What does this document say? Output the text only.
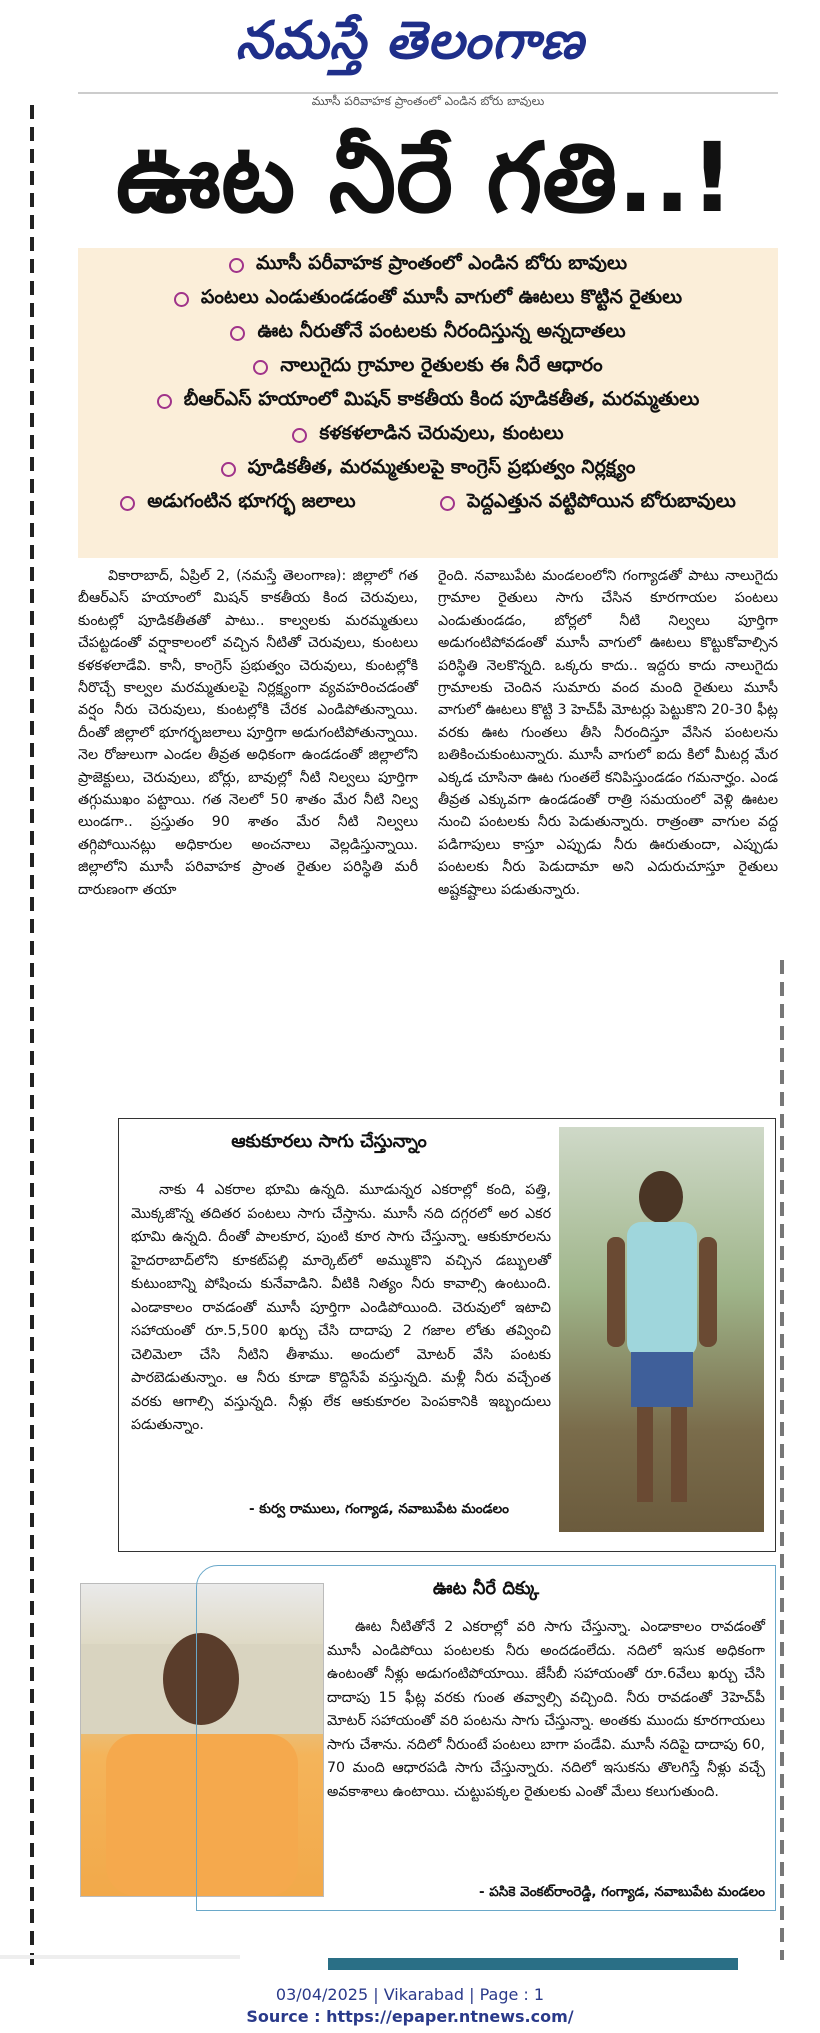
నమస్తే తెలంగాణ
మూసీ పరివాహక ప్రాంతంలో ఎండిన బోరు బావులు
ఊట నీరే గతి..!
మూసీ పరీవాహక ప్రాంతంలో ఎండిన బోరు బావులు
పంటలు ఎండుతుండడంతో మూసీ వాగులో ఊటలు కొట్టిన రైతులు
ఊట నీరుతోనే పంటలకు నీరందిస్తున్న అన్నదాతలు
నాలుగైదు గ్రామాల రైతులకు ఈ నీరే ఆధారం
బీఆర్ఎస్ హయాంలో మిషన్ కాకతీయ కింద పూడికతీత, మరమ్మతులు
కళకళలాడిన చెరువులు, కుంటలు
పూడికతీత, మరమ్మతులపై కాంగ్రెస్ ప్రభుత్వం నిర్లక్ష్యం
అడుగంటిన భూగర్భ జలాలు	పెద్దఎత్తున వట్టిపోయిన బోరుబావులు
వికారాబాద్, ఏప్రిల్ 2, (నమస్తే తెలంగాణ): జిల్లాలో గత బీఆర్ఎస్ హయాంలో మిషన్ కాకతీయ కింద చెరువులు, కుంటల్లో పూడికతీతతో పాటు.. కాల్వలకు మరమ్మతులు చేపట్టడంతో వర్షాకాలంలో వచ్చిన నీటితో చెరువులు, కుంటలు కళకళలాడేవి. కానీ, కాంగ్రెస్ ప్రభుత్వం చెరువులు, కుంటల్లోకి నీరొచ్చే కాల్వల మరమ్మతులపై నిర్లక్ష్యంగా వ్యవహరించడంతో వర్షం నీరు చెరువులు, కుంటల్లోకి చేరక ఎండిపోతున్నాయి. దీంతో జిల్లాలో భూగర్భజలాలు పూర్తిగా అడుగంటిపోతున్నాయి. నెల రోజులుగా ఎండల తీవ్రత అధికంగా ఉండడంతో జిల్లాలోని ప్రాజెక్టులు, చెరువులు, బోర్లు, బావుల్లో నీటి నిల్వలు పూర్తిగా తగ్గుముఖం పట్టాయి. గత నెలలో 50 శాతం మేర నీటి నిల్వ లుండగా.. ప్రస్తుతం 90 శాతం మేర నీటి నిల్వలు తగ్గిపోయినట్లు అధికారుల అంచనాలు వెల్లడిస్తున్నాయి. జిల్లాలోని మూసీ పరివాహక ప్రాంత రైతుల పరిస్థితి మరీ దారుణంగా తయా
రైంది. నవాబుపేట మండలంలోని గంగ్యాడతో పాటు నాలుగైదు గ్రామాల రైతులు సాగు చేసిన కూరగాయల పంటలు ఎండుతుండడం, బోర్లలో నీటి నిల్వలు పూర్తిగా అడుగంటిపోవడంతో మూసీ వాగులో ఊటలు కొట్టుకోవాల్సిన పరిస్థితి నెలకొన్నది. ఒక్కరు కాదు.. ఇద్దరు కాదు నాలుగైదు గ్రామాలకు చెందిన సుమారు వంద మంది రైతులు మూసీ వాగులో ఊటలు కొట్టి 3 హెచ్‌పీ మోటర్లు పెట్టుకొని 20-30 ఫీట్ల వరకు ఊట గుంతలు తీసి నీరందిస్తూ వేసిన పంటలను బతికించుకుంటున్నారు. మూసీ వాగులో ఐదు కిలో మీటర్ల మేర ఎక్కడ చూసినా ఊట గుంతలే కనిపిస్తుండడం గమనార్హం. ఎండ తీవ్రత ఎక్కువగా ఉండడంతో రాత్రి సమయంలో వెళ్లి ఊటల నుంచి పంటలకు నీరు పెడుతున్నారు. రాత్రంతా వాగుల వద్ద పడిగాపులు కాస్తూ ఎప్పుడు నీరు ఊరుతుందా, ఎప్పుడు పంటలకు నీరు పెడుదామా అని ఎదురుచూస్తూ రైతులు అష్టకష్టాలు పడుతున్నారు.
ఆకుకూరలు సాగు చేస్తున్నాం
నాకు 4 ఎకరాల భూమి ఉన్నది. మూడున్నర ఎకరాల్లో కంది, పత్తి, మొక్కజొన్న తదితర పంటలు సాగు చేస్తాను. మూసీ నది దగ్గరలో అర ఎకర భూమి ఉన్నది. దీంతో పాలకూర, పుంటి కూర సాగు చేస్తున్నా. ఆకుకూరలను హైదరాబాద్‌లోని కూకట్‌పల్లి మార్కెట్‌లో అమ్ముకొని వచ్చిన డబ్బులతో కుటుంబాన్ని పోషించు కునేవాడిని. వీటికి నిత్యం నీరు కావాల్సి ఉంటుంది. ఎండాకాలం రావడంతో మూసీ పూర్తిగా ఎండిపోయింది. చెరువులో ఇటాచి సహాయంతో రూ.5,500 ఖర్చు చేసి దాదాపు 2 గజాల లోతు తవ్వించి చెలిమెలా చేసి నీటిని తీశాము. అందులో మోటర్ వేసి పంటకు పారబెడుతున్నాం. ఆ నీరు కూడా కొద్దిసేపే వస్తున్నది. మళ్లీ నీరు వచ్చేంత వరకు ఆగాల్సి వస్తున్నది. నీళ్లు లేక ఆకుకూరల పెంపకానికి ఇబ్బందులు పడుతున్నాం.
- కుర్వ రాములు, గంగ్యాడ, నవాబుపేట మండలం
ఊట నీరే దిక్కు
ఊట నీటితోనే 2 ఎకరాల్లో వరి సాగు చేస్తున్నా. ఎండాకాలం రావడంతో మూసీ ఎండిపోయి పంటలకు నీరు అందడంలేదు. నదిలో ఇసుక అధికంగా ఉంటంతో నీళ్లు అడుగంటిపోయాయి. జేసీబీ సహాయంతో రూ.6వేలు ఖర్చు చేసి దాదాపు 15 ఫీట్ల వరకు గుంత తవ్వాల్సి వచ్చింది. నీరు రావడంతో 3హెచ్‌పీ మోటర్ సహాయంతో వరి పంటను సాగు చేస్తున్నా. అంతకు ముందు కూరగాయలు సాగు చేశాను. నదిలో నీరుంటే పంటలు బాగా పండేవి. మూసీ నదిపై దాదాపు 60, 70 మంది ఆధారపడి సాగు చేస్తున్నారు. నదిలో ఇసుకను తొలగిస్తే నీళ్లు వచ్చే అవకాశాలు ఉంటాయి. చుట్టుపక్కల రైతులకు ఎంతో మేలు కలుగుతుంది.
- పసికె వెంకట్‌రాంరెడ్డి, గంగ్యాడ, నవాబుపేట మండలం
03/04/2025 | Vikarabad | Page : 1
Source : https://epaper.ntnews.com/
